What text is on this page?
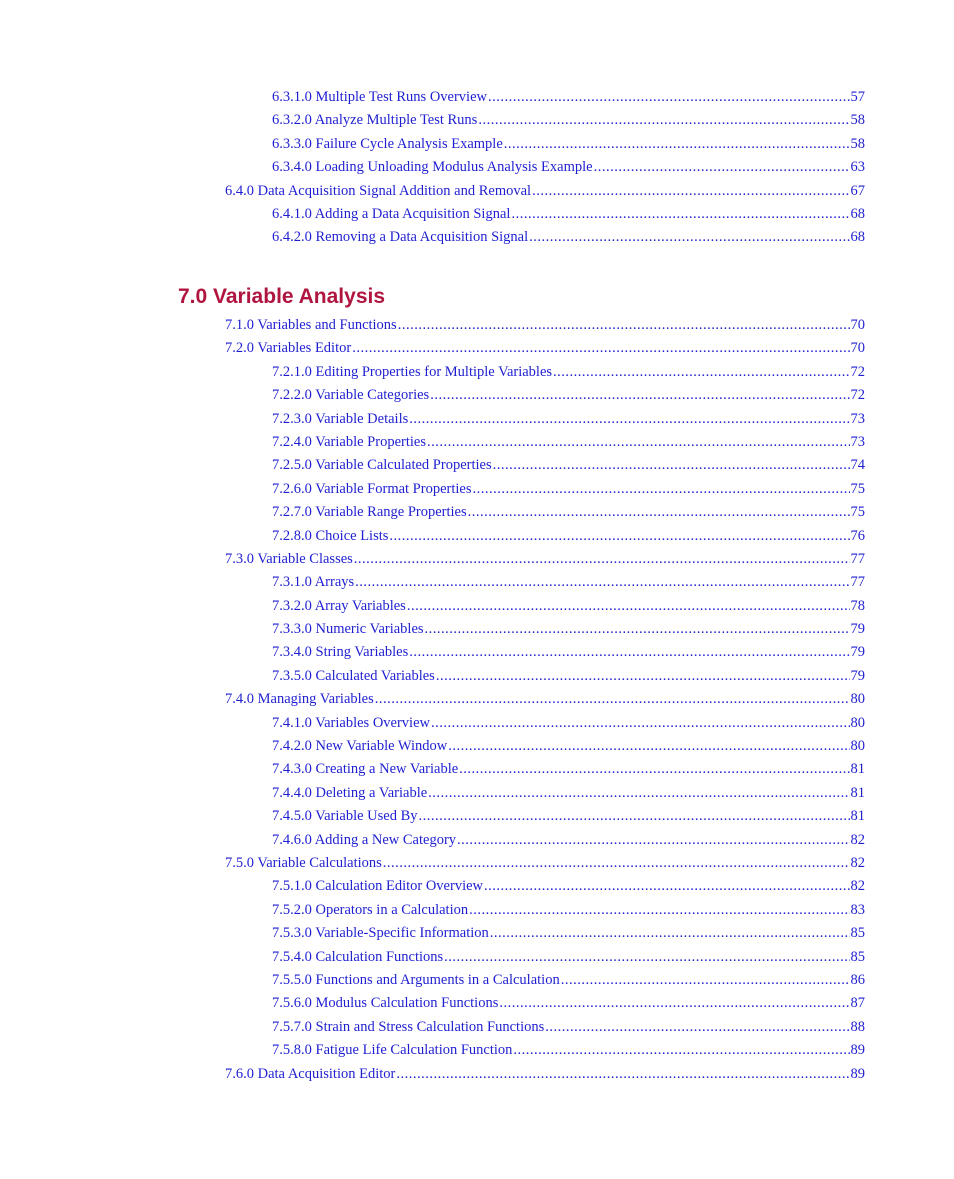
6.3.1.0 Multiple Test Runs Overview .....	57
6.3.2.0 Analyze Multiple Test Runs .....	58
6.3.3.0 Failure Cycle Analysis Example .....	58
6.3.4.0 Loading Unloading Modulus Analysis Example .....	63
6.4.0 Data Acquisition Signal Addition and Removal .....	67
6.4.1.0 Adding a Data Acquisition Signal .....	68
6.4.2.0 Removing a Data Acquisition Signal .....	68
7.0 Variable Analysis
7.1.0 Variables and Functions .....	70
7.2.0 Variables Editor .....	70
7.2.1.0 Editing Properties for Multiple Variables .....	72
7.2.2.0 Variable Categories .....	72
7.2.3.0 Variable Details .....	73
7.2.4.0 Variable Properties .....	73
7.2.5.0 Variable Calculated Properties .....	74
7.2.6.0 Variable Format Properties .....	75
7.2.7.0 Variable Range Properties .....	75
7.2.8.0 Choice Lists .....	76
7.3.0 Variable Classes .....	77
7.3.1.0 Arrays .....	77
7.3.2.0 Array Variables .....	78
7.3.3.0 Numeric Variables .....	79
7.3.4.0 String Variables .....	79
7.3.5.0 Calculated Variables .....	79
7.4.0 Managing Variables .....	80
7.4.1.0 Variables Overview .....	80
7.4.2.0 New Variable Window .....	80
7.4.3.0 Creating a New Variable .....	81
7.4.4.0 Deleting a Variable .....	81
7.4.5.0 Variable Used By .....	81
7.4.6.0 Adding a New Category .....	82
7.5.0 Variable Calculations .....	82
7.5.1.0 Calculation Editor Overview .....	82
7.5.2.0 Operators in a Calculation .....	83
7.5.3.0 Variable-Specific Information .....	85
7.5.4.0 Calculation Functions .....	85
7.5.5.0 Functions and Arguments in a Calculation .....	86
7.5.6.0 Modulus Calculation Functions .....	87
7.5.7.0 Strain and Stress Calculation Functions .....	88
7.5.8.0 Fatigue Life Calculation Function .....	89
7.6.0 Data Acquisition Editor .....	89
